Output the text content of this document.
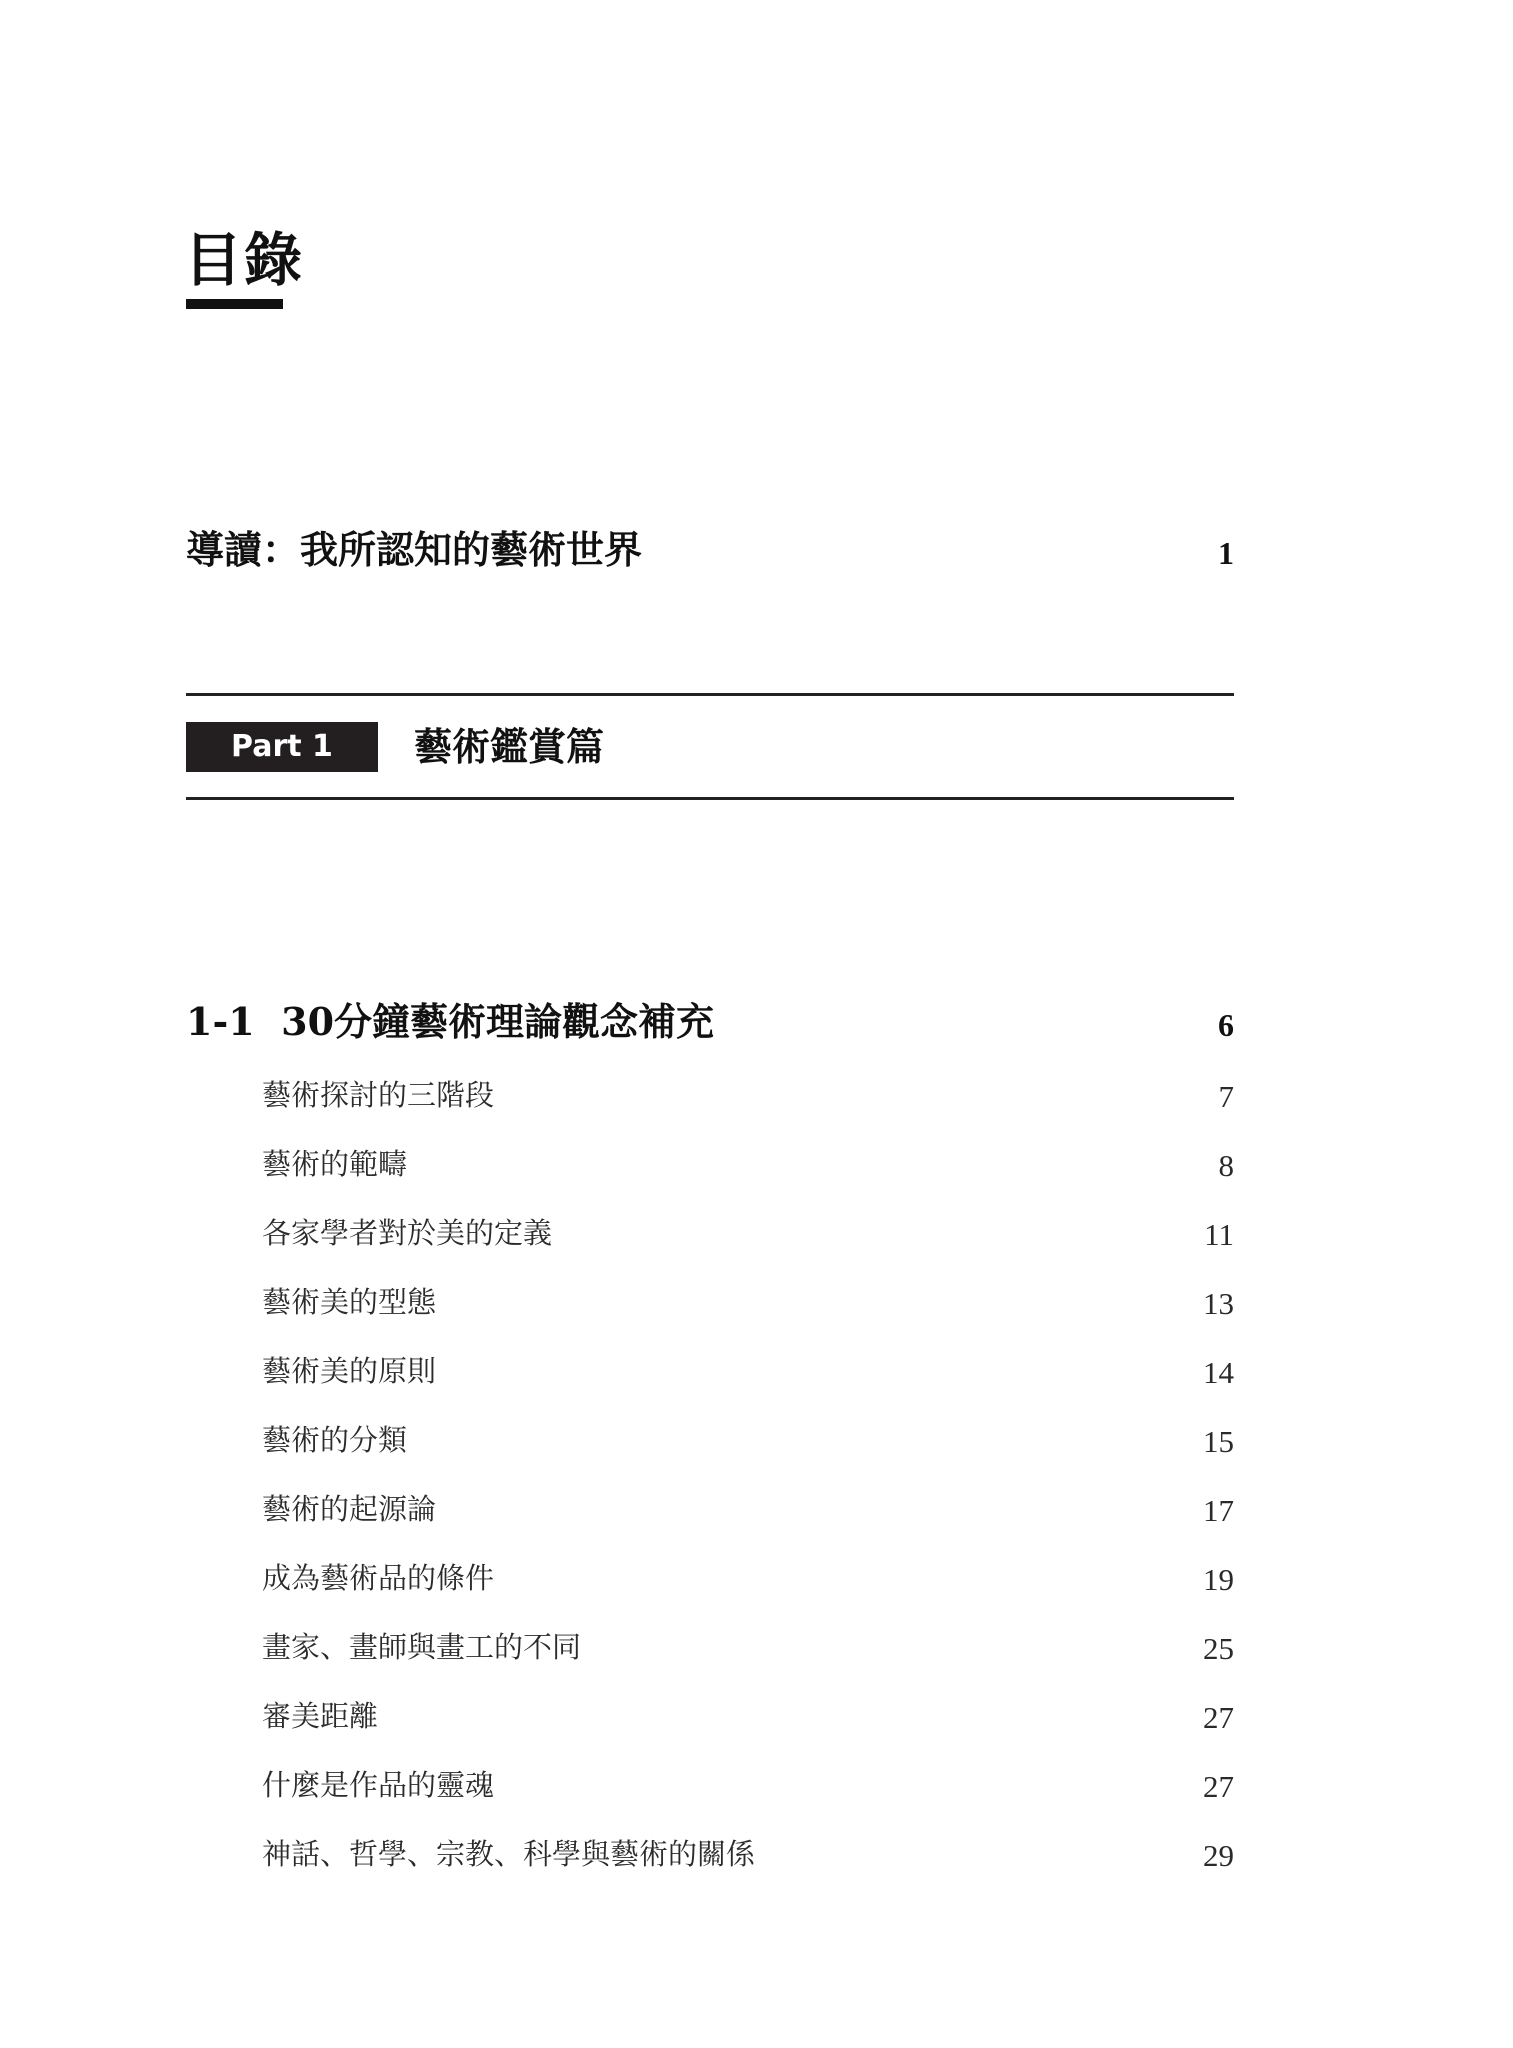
目錄
導讀：我所認知的藝術世界	1
Part 1	藝術鑑賞篇
1-1 30分鐘藝術理論觀念補充	6
藝術探討的三階段	7
藝術的範疇	8
各家學者對於美的定義	11
藝術美的型態	13
藝術美的原則	14
藝術的分類	15
藝術的起源論	17
成為藝術品的條件	19
畫家、畫師與畫工的不同	25
審美距離	27
什麼是作品的靈魂	27
神話、哲學、宗教、科學與藝術的關係	29
